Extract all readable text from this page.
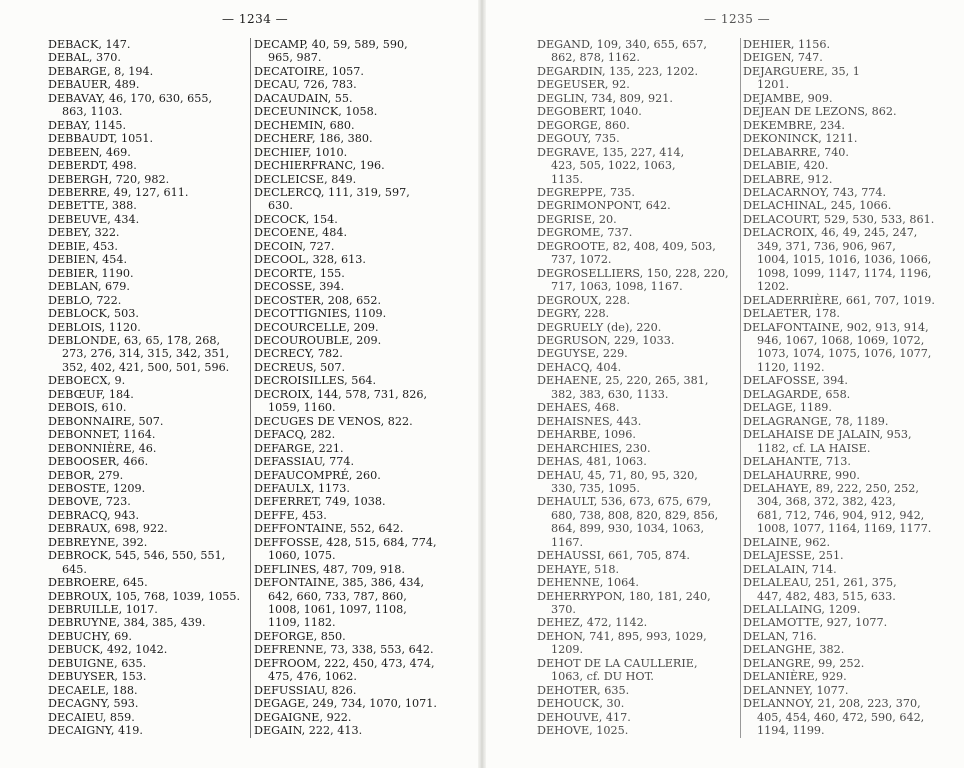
— 1234 —
DEBACK, 147.
DEBAL, 370.
DEBARGE, 8, 194.
DEBAUER, 489.
DEBAVAY, 46, 170, 630, 655,
863, 1103.
DEBAY, 1145.
DEBBAUDT, 1051.
DEBEEN, 469.
DEBERDT, 498.
DEBERGH, 720, 982.
DEBERRE, 49, 127, 611.
DEBETTE, 388.
DEBEUVE, 434.
DEBEY, 322.
DEBIE, 453.
DEBIEN, 454.
DEBIER, 1190.
DEBLAN, 679.
DEBLO, 722.
DEBLOCK, 503.
DEBLOIS, 1120.
DEBLONDE, 63, 65, 178, 268,
273, 276, 314, 315, 342, 351,
352, 402, 421, 500, 501, 596.
DEBOECX, 9.
DEBŒUF, 184.
DEBOIS, 610.
DEBONNAIRE, 507.
DEBONNET, 1164.
DEBONNIÈRE, 46.
DEBOOSER, 466.
DEBOR, 279.
DEBOSTE, 1209.
DEBOVE, 723.
DEBRACQ, 943.
DEBRAUX, 698, 922.
DEBREYNE, 392.
DEBROCK, 545, 546, 550, 551,
645.
DEBROERE, 645.
DEBROUX, 105, 768, 1039, 1055.
DEBRUILLE, 1017.
DEBRUYNE, 384, 385, 439.
DEBUCHY, 69.
DEBUCK, 492, 1042.
DEBUIGNE, 635.
DEBUYSER, 153.
DECAELE, 188.
DECAGNY, 593.
DECAIEU, 859.
DECAIGNY, 419.
DECAMP, 40, 59, 589, 590,
965, 987.
DECATOIRE, 1057.
DECAU, 726, 783.
DACAUDAIN, 55.
DECEUNINCK, 1058.
DECHEMIN, 680.
DECHERF, 186, 380.
DECHIEF, 1010.
DECHIERFRANC, 196.
DECLEICSE, 849.
DECLERCQ, 111, 319, 597,
630.
DECOCK, 154.
DECOENE, 484.
DECOIN, 727.
DECOOL, 328, 613.
DECORTE, 155.
DECOSSE, 394.
DECOSTER, 208, 652.
DECOTTIGNIES, 1109.
DECOURCELLE, 209.
DECOUROUBLE, 209.
DECRECY, 782.
DECREUS, 507.
DECROISILLES, 564.
DECROIX, 144, 578, 731, 826,
1059, 1160.
DECUGES DE VENOS, 822.
DEFACQ, 282.
DEFARGE, 221.
DEFASSIAU, 774.
DEFAUCOMPRÉ, 260.
DEFAULX, 1173.
DEFERRET, 749, 1038.
DEFFE, 453.
DEFFONTAINE, 552, 642.
DEFFOSSE, 428, 515, 684, 774,
1060, 1075.
DEFLINES, 487, 709, 918.
DEFONTAINE, 385, 386, 434,
642, 660, 733, 787, 860,
1008, 1061, 1097, 1108,
1109, 1182.
DEFORGE, 850.
DEFRENNE, 73, 338, 553, 642.
DEFROOM, 222, 450, 473, 474,
475, 476, 1062.
DEFUSSIAU, 826.
DEGAGE, 249, 734, 1070, 1071.
DEGAIGNE, 922.
DEGAIN, 222, 413.
— 1235 —
DEGAND, 109, 340, 655, 657,
862, 878, 1162.
DEGARDIN, 135, 223, 1202.
DEGEUSER, 92.
DEGLIN, 734, 809, 921.
DEGOBERT, 1040.
DEGORGE, 860.
DEGOUY, 735.
DEGRAVE, 135, 227, 414,
423, 505, 1022, 1063,
1135.
DEGREPPE, 735.
DEGRIMONPONT, 642.
DEGRISE, 20.
DEGROME, 737.
DEGROOTE, 82, 408, 409, 503,
737, 1072.
DEGROSELLIERS, 150, 228, 220,
717, 1063, 1098, 1167.
DEGROUX, 228.
DEGRY, 228.
DEGRUELY (de), 220.
DEGRUSON, 229, 1033.
DEGUYSE, 229.
DEHACQ, 404.
DEHAENE, 25, 220, 265, 381,
382, 383, 630, 1133.
DEHAES, 468.
DEHAISNES, 443.
DEHARBE, 1096.
DEHARCHIES, 230.
DEHAS, 481, 1063.
DEHAU, 45, 71, 80, 95, 320,
330, 735, 1095.
DEHAULT, 536, 673, 675, 679,
680, 738, 808, 820, 829, 856,
864, 899, 930, 1034, 1063,
1167.
DEHAUSSI, 661, 705, 874.
DEHAYE, 518.
DEHENNE, 1064.
DEHERRYPON, 180, 181, 240,
370.
DEHEZ, 472, 1142.
DEHON, 741, 895, 993, 1029,
1209.
DEHOT DE LA CAULLERIE,
1063, cf. DU HOT.
DEHOTER, 635.
DEHOUCK, 30.
DEHOUVE, 417.
DEHOVE, 1025.
DEHIER, 1156.
DEIGEN, 747.
DEJARGUERE, 35, 1
1201.
DEJAMBE, 909.
DEJEAN DE LEZONS, 862.
DEKEMBRE, 234.
DEKONINCK, 1211.
DELABARRE, 740.
DELABIE, 420.
DELABRE, 912.
DELACARNOY, 743, 774.
DELACHINAL, 245, 1066.
DELACOURT, 529, 530, 533, 861.
DELACROIX, 46, 49, 245, 247,
349, 371, 736, 906, 967,
1004, 1015, 1016, 1036, 1066,
1098, 1099, 1147, 1174, 1196,
1202.
DELADERRIÈRE, 661, 707, 1019.
DELAETER, 178.
DELAFONTAINE, 902, 913, 914,
946, 1067, 1068, 1069, 1072,
1073, 1074, 1075, 1076, 1077,
1120, 1192.
DELAFOSSE, 394.
DELAGARDE, 658.
DELAGE, 1189.
DELAGRANGE, 78, 1189.
DELAHAISE DE JALAIN, 953,
1182, cf. LA HAISE.
DELAHANTE, 713.
DELAHAURRE, 990.
DELAHAYE, 89, 222, 250, 252,
304, 368, 372, 382, 423,
681, 712, 746, 904, 912, 942,
1008, 1077, 1164, 1169, 1177.
DELAINE, 962.
DELAJESSE, 251.
DELALAIN, 714.
DELALEAU, 251, 261, 375,
447, 482, 483, 515, 633.
DELALLAING, 1209.
DELAMOTTE, 927, 1077.
DELAN, 716.
DELANGHE, 382.
DELANGRE, 99, 252.
DELANIÈRE, 929.
DELANNEY, 1077.
DELANNOY, 21, 208, 223, 370,
405, 454, 460, 472, 590, 642,
1194, 1199.
